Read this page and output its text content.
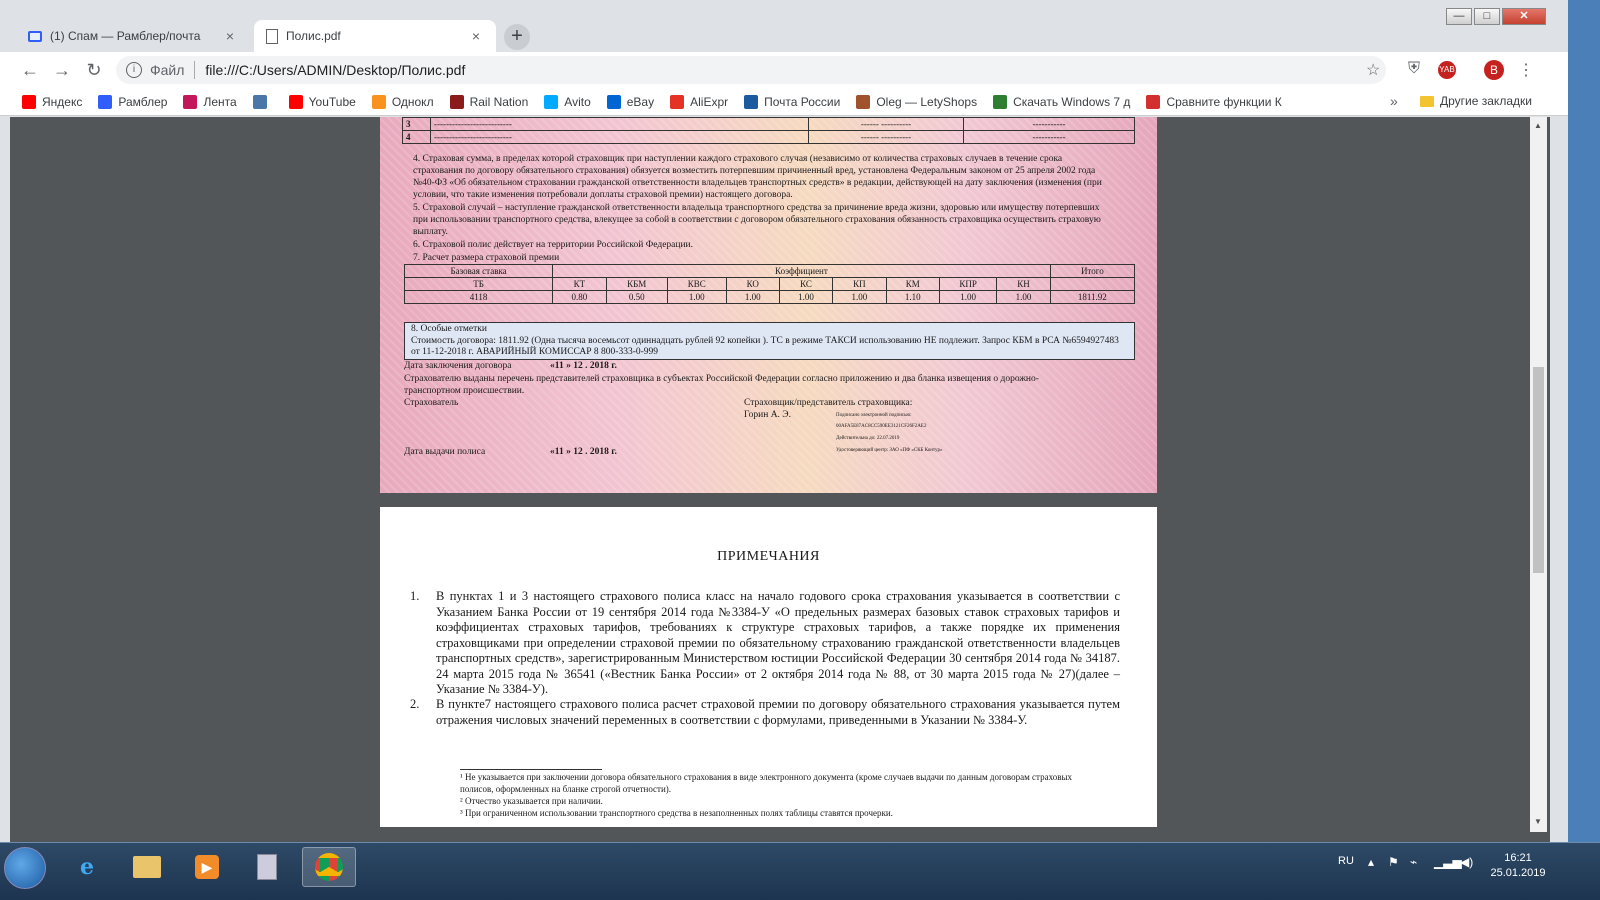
(1) Спам — Рамблер/почта	×	Полис.pdf	×	+
—	□	✕
← → ↻	i	Файл file:///C:/Users/ADMIN/Desktop/Полис.pdf	☆ ⛨ YAB	⋮
В
Яндекс	Рамблер	Лента	YouTube	Однокл	Rail Nation	Avito	eBay	AliExpr	Почта России	Oleg — LetyShops	Скачать Windows 7 д	Сравните функции К	»	Другие закладки
3	--------------------------	------ ----------	-----------
4	--------------------------	------ ----------	-----------
4. Страховая сумма, в пределах которой страховщик при наступлении каждого страхового случая (независимо от количества страховых случаев в течение срока страхования по договору обязательного страхования) обязуется возместить потерпевшим причиненный вред, установлена Федеральным законом от 25 апреля 2002 года №40-ФЗ «Об обязательном страховании гражданской ответственности владельцев транспортных средств» в редакции, действующей на дату заключения (изменения (при условии, что такие изменения потребовали доплаты страховой премии) настоящего договора.
5. Страховой случай – наступление гражданской ответственности владельца транспортного средства за причинение вреда жизни, здоровью или имуществу потерпевших при использовании транспортного средства, влекущее за собой в соответствии с договором обязательного страхования обязанность страховщика осуществить страховую выплату.
6. Страховой полис действует на территории Российской Федерации.
7. Расчет размера страховой премии
Базовая ставка	Коэффициент									Итого
ТБ	КТ	КБМ	КВС	КО	КС	КП	КМ	КПР	КН	
4118	0.80	0.50	1.00	1.00	1.00	1.00	1.10	1.00	1.00	1811.92
8. Особые отметки
Стоимость договора: 1811.92 (Одна тысяча восемьсот одиннадцать рублей 92 копейки ). ТС в режиме ТАКСИ использованию НЕ подлежит. Запрос КБМ в РСА №6594927483 от 11-12-2018 г. АВАРИЙНЫЙ КОМИССАР 8 800-333-0-999
Дата заключения договора	«11 » 12 . 2018 г.
Страхователю выданы перечень представителей страховщика в субъектах Российской Федерации согласно приложению и два бланка извещения о дорожно-транспортном происшествии.
Страхователь	Страховщик/представитель страховщика:
Горин А. Э.	Подписано электронной подписью:
00AFA5E87AC8CC590EE3121CF26F2AE2
Действительна до: 22.07.2019
Удостоверяющий центр: ЗАО «ПФ «СКБ Контур»
Дата выдачи полиса	«11 » 12 . 2018 г.
ПРИМЕЧАНИЯ
1. В пунктах 1 и 3 настоящего страхового полиса класс на начало годового срока страхования указывается в соответствии с Указанием Банка России от 19 сентября 2014 года №3384-У «О предельных размерах базовых ставок страховых тарифов и коэффициентах страховых тарифов, требованиях к структуре страховых тарифов, а также порядке их применения страховщиками при определении страховой премии по обязательному страхованию гражданской ответственности владельцев транспортных средств», зарегистрированным Министерством юстиции Российской Федерации 30 сентября 2014 года № 34187. 24 марта 2015 года № 36541 («Вестник Банка России» от 2 октября 2014 года № 88, от 30 марта 2015 года № 27)(далее – Указание № 3384-У).
2. В пункте7 настоящего страхового полиса расчет страховой премии по договору обязательного страхования указывается путем отражения числовых значений переменных в соответствии с формулами, приведенными в Указании № 3384-У.
¹ Не указывается при заключении договора обязательного страхования в виде электронного документа (кроме случаев выдачи по данным договорам страховых полисов, оформленных на бланке строгой отчетности).
² Отчество указывается при наличии.
³ При ограниченном использовании транспортного средства в незаполненных полях таблицы ставятся прочерки.
▲
▼
e	▶	RU ▴ ⚑ ⌁ ▁▃▅
◀)	16:21
25.01.2019
